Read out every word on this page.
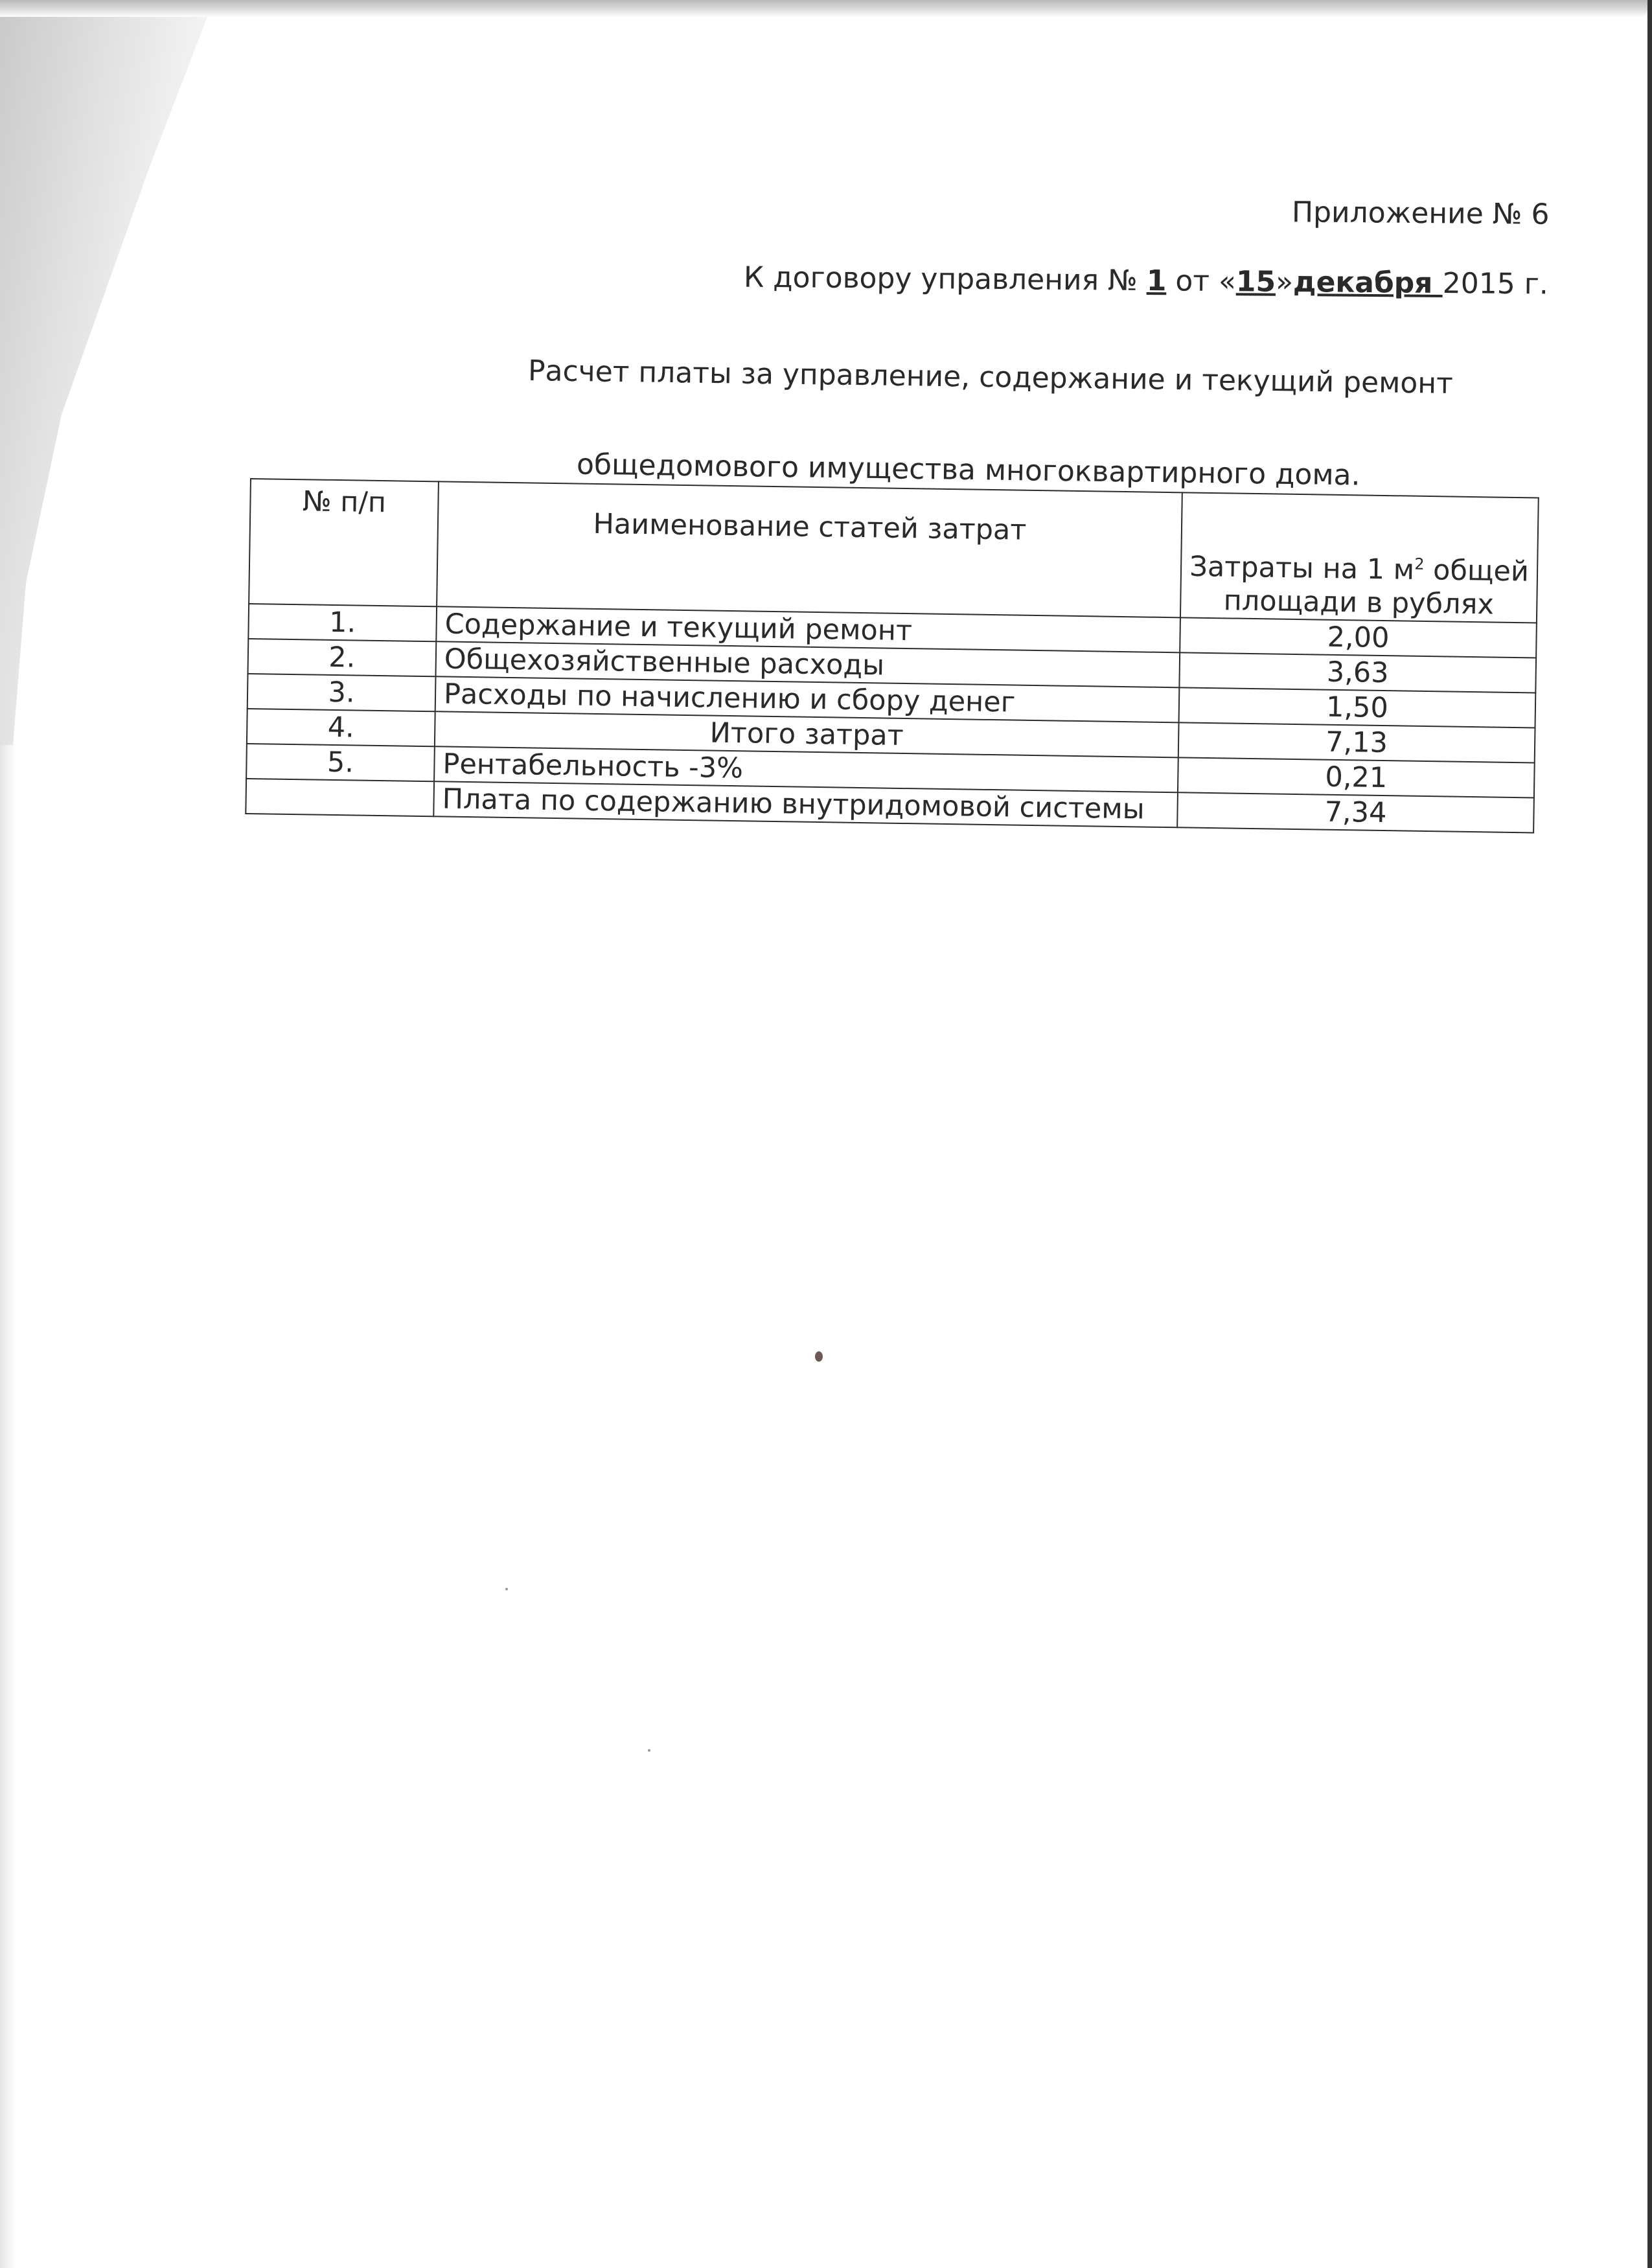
Приложение № 6
К договору управления № 1 от «15»декабря 2015 г.
Расчет платы за управление, содержание и текущий ремонт
общедомового имущества многоквартирного дома.
№ п/п	Наименование статей затрат	Затраты на 1 $м^2$ общей
площади в рублях
1.	Содержание и текущий ремонт	2,00
2.	Общехозяйственные расходы	3,63
3.	Расходы по начислению и сбору денег	1,50
4.	Итого затрат	7,13
5.	Рентабельность -3%	0,21
	Плата по содержанию внутридомовой системы	7,34
